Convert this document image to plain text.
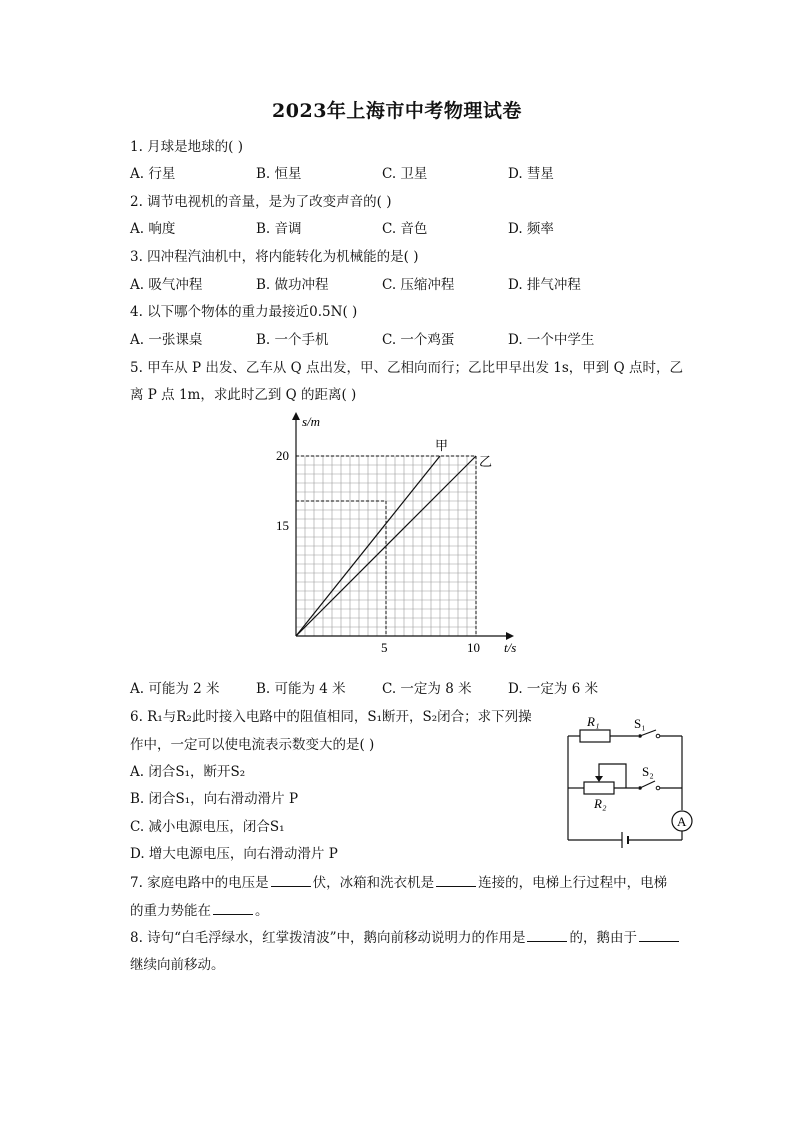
2023年上海市中考物理试卷
1. 月球是地球的( )
A. 行星	B. 恒星	C. 卫星	D. 彗星
2. 调节电视机的音量，是为了改变声音的( )
A. 响度	B. 音调	C. 音色	D. 频率
3. 四冲程汽油机中，将内能转化为机械能的是( )
A. 吸气冲程	B. 做功冲程	C. 压缩冲程	D. 排气冲程
4. 以下哪个物体的重力最接近0.5N( )
A. 一张课桌	B. 一个手机	C. 一个鸡蛋	D. 一个中学生
5. 甲车从 P 出发、乙车从 Q 点出发，甲、乙相向而行；乙比甲早出发 1s，甲到 Q 点时，乙
离 P 点 1m，求此时乙到 Q 的距离( )
s/m
t/s
15
20
5	10
甲
乙
A. 可能为 2 米	B. 可能为 4 米	C. 一定为 8 米	D. 一定为 6 米
6. R₁与R₂此时接入电路中的阻值相同，S₁断开，S₂闭合；求下列操
作中，一定可以使电流表示数变大的是( )
A. 闭合S₁，断开S₂
B. 闭合S₁，向右滑动滑片 P
C. 减小电源电压，闭合S₁
D. 增大电源电压，向右滑动滑片 P
A
R₁	S₁
R₂
S₂
7. 家庭电路中的电压是	伏，冰箱和洗衣机是	连接的，电梯上行过程中，电梯
的重力势能在	。
8. 诗句“白毛浮绿水，红掌拨清波”中，鹅向前移动说明力的作用是	的，鹅由于
继续向前移动。
